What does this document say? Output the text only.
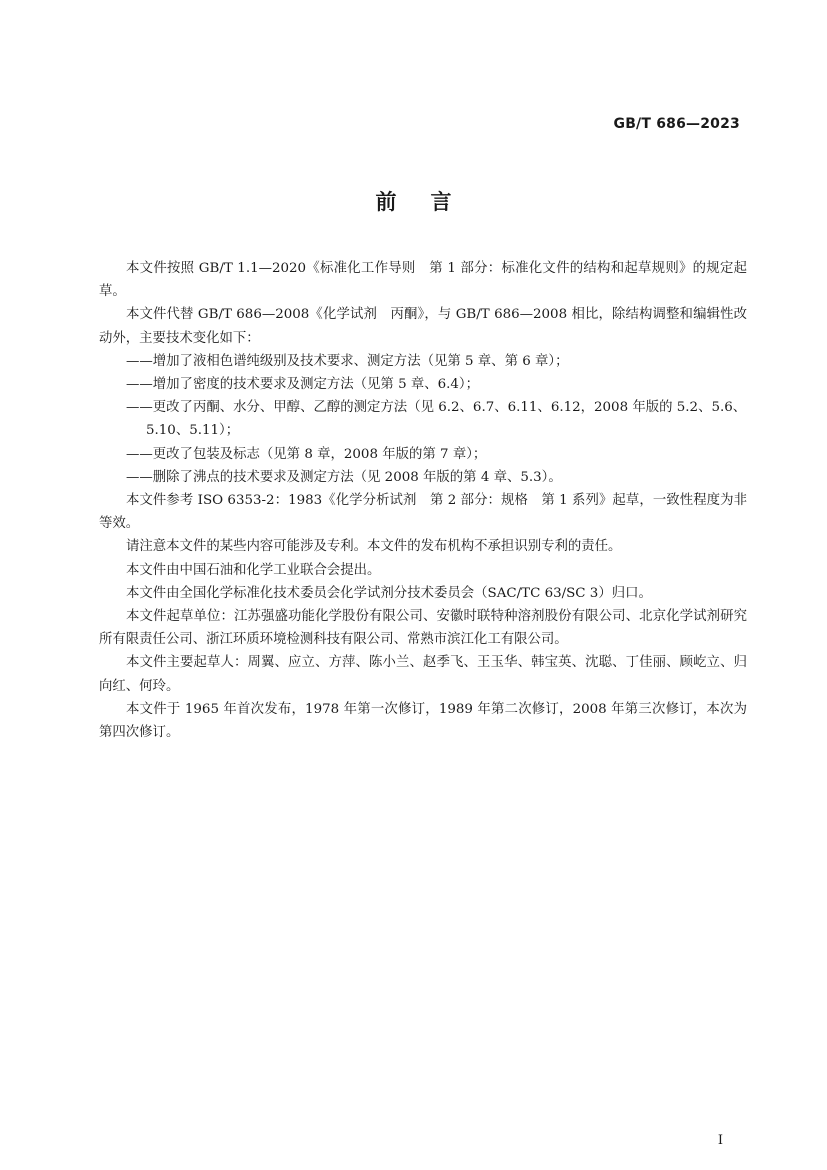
GB/T 686—2023
前 言

本文件按照 GB/T 1.1—2020《标准化工作导则　第 1 部分：标准化文件的结构和起草规则》的规定起草。

本文件代替 GB/T 686—2008《化学试剂　丙酮》，与 GB/T 686—2008 相比，除结构调整和编辑性改动外，主要技术变化如下：

——增加了液相色谱纯级别及技术要求、测定方法（见第 5 章、第 6 章）；

——增加了密度的技术要求及测定方法（见第 5 章、6.4）；

——更改了丙酮、水分、甲醇、乙醇的测定方法（见 6.2、6.7、6.11、6.12，2008 年版的 5.2、5.6、5.10、5.11）；

——更改了包装及标志（见第 8 章，2008 年版的第 7 章）；

——删除了沸点的技术要求及测定方法（见 2008 年版的第 4 章、5.3）。

本文件参考 ISO 6353-2：1983《化学分析试剂　第 2 部分：规格　第 1 系列》起草，一致性程度为非等效。

请注意本文件的某些内容可能涉及专利。本文件的发布机构不承担识别专利的责任。

本文件由中国石油和化学工业联合会提出。

本文件由全国化学标准化技术委员会化学试剂分技术委员会（SAC/TC 63/SC 3）归口。

本文件起草单位：江苏强盛功能化学股份有限公司、安徽时联特种溶剂股份有限公司、北京化学试剂研究所有限责任公司、浙江环质环境检测科技有限公司、常熟市滨江化工有限公司。

本文件主要起草人：周翼、应立、方萍、陈小兰、赵季飞、王玉华、韩宝英、沈聪、丁佳丽、顾屹立、归向红、何玲。

本文件于 1965 年首次发布，1978 年第一次修订，1989 年第二次修订，2008 年第三次修订，本次为第四次修订。

I
